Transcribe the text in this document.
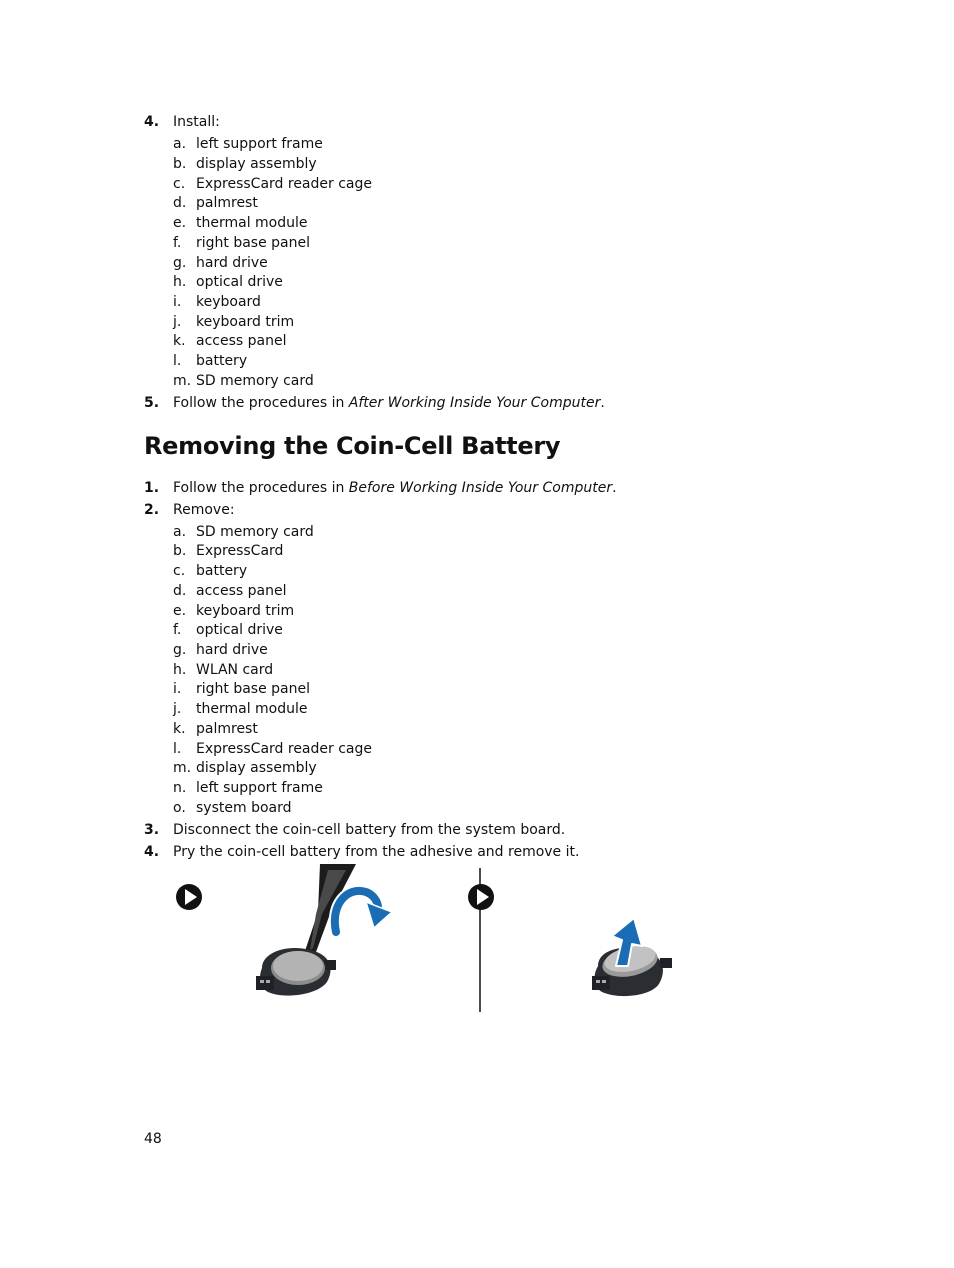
4. Install:
a. left support frame
b. display assembly
c. ExpressCard reader cage
d. palmrest
e. thermal module
f. right base panel
g. hard drive
h. optical drive
i. keyboard
j. keyboard trim
k. access panel
l. battery
m. SD memory card
5. Follow the procedures in After Working Inside Your Computer.
Removing the Coin-Cell Battery
1. Follow the procedures in Before Working Inside Your Computer.
2. Remove:
a. SD memory card
b. ExpressCard
c. battery
d. access panel
e. keyboard trim
f. optical drive
g. hard drive
h. WLAN card
i. right base panel
j. thermal module
k. palmrest
l. ExpressCard reader cage
m. display assembly
n. left support frame
o. system board
3. Disconnect the coin-cell battery from the system board.
4. Pry the coin-cell battery from the adhesive and remove it.
48
